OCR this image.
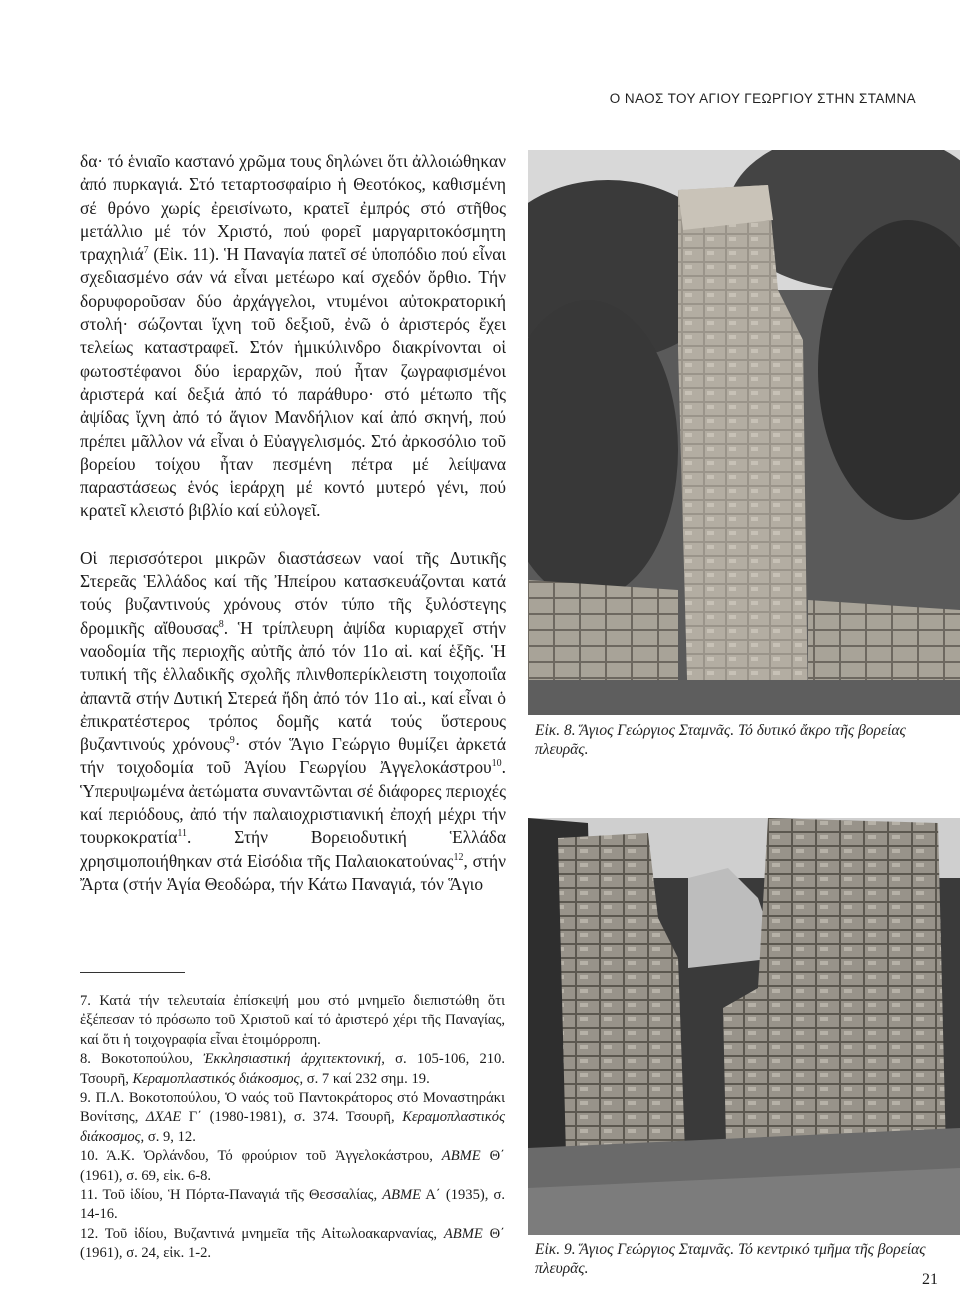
Ο ΝΑΟΣ ΤΟΥ ΑΓΙΟΥ ΓΕΩΡΓΙΟΥ ΣΤΗΝ ΣΤΑΜΝΑ

δα· τό ἑνιαῖο καστανό χρῶμα τους δηλώνει ὅτι ἀλλοιώθηκαν ἀπό πυρκαγιά. Στό τεταρτοσφαίριο ἡ Θεοτόκος, καθισμένη σέ θρόνο χωρίς ἐρεισίνωτο, κρατεῖ ἐμπρός στό στῆθος μετάλλιο μέ τόν Χριστό, πού φορεῖ μαργαριτοκόσμητη τραχηλιά$^7$ (Εἰκ. 11). Ἡ Παναγία πατεῖ σέ ὑποπόδιο πού εἶναι σχεδιασμένο σάν νά εἶναι μετέωρο καί σχεδόν ὄρθιο. Τήν δορυφοροῦσαν δύο ἀρχάγγελοι, ντυμένοι αὐτοκρατορική στολή· σώζονται ἴχνη τοῦ δεξιοῦ, ἐνῶ ὁ ἀριστερός ἔχει τελείως καταστραφεῖ. Στόν ἡμικύλινδρο διακρίνονται οἱ φωτοστέφανοι δύο ἱεραρχῶν, πού ἦταν ζωγραφισμένοι ἀριστερά καί δεξιά ἀπό τό παράθυρο· στό μέτωπο τῆς ἀψίδας ἴχνη ἀπό τό ἅγιον Μανδήλιον καί ἀπό σκηνή, πού πρέπει μᾶλλον νά εἶναι ὁ Εὐαγγελισμός. Στό ἀρκοσόλιο τοῦ βορείου τοίχου ἦταν πεσμένη πέτρα μέ λείψανα παραστάσεως ἑνός ἱεράρχη μέ κοντό μυτερό γένι, πού κρατεῖ κλειστό βιβλίο καί εὐλογεῖ.

Οἱ περισσότεροι μικρῶν διαστάσεων ναοί τῆς Δυτικῆς Στερεᾶς Ἑλλάδος καί τῆς Ἠπείρου κατασκευάζονται κατά τούς βυζαντινούς χρόνους στόν τύπο τῆς ξυλόστεγης δρομικῆς αἴθουσας$^8$. Ἡ τρίπλευρη ἀψίδα κυριαρχεῖ στήν ναοδομία τῆς περιοχῆς αὐτῆς ἀπό τόν 11ο αἰ. καί ἑξῆς. Ἡ τυπική τῆς ἑλλαδικῆς σχολῆς πλινθοπερίκλειστη τοιχοποιΐα ἀπαντᾶ στήν Δυτική Στερεά ἤδη ἀπό τόν 11ο αἰ., καί εἶναι ὁ ἐπικρατέστερος τρόπος δομῆς κατά τούς ὕστερους βυζαντινούς χρόνους$^9$· στόν Ἅγιο Γεώργιο θυμίζει ἀρκετά τήν τοιχοδομία τοῦ Ἁγίου Γεωργίου Ἀγγελοκάστρου$^{10}$. Ὑπερυψωμένα ἀετώματα συναντῶνται σέ διάφορες περιοχές καί περιόδους, ἀπό τήν παλαιοχριστιανική ἐποχή μέχρι τήν τουρκοκρατία$^{11}$. Στήν Βορειοδυτική Ἑλλάδα χρησιμοποιήθηκαν στά Εἰσόδια τῆς Παλαιοκατούνας$^{12}$, στήν Ἄρτα (στήν Ἁγία Θεοδώρα, τήν Κάτω Παναγιά, τόν Ἅγιο

Εἰκ. 8. Ἅγιος Γεώργιος Σταμνᾶς. Τό δυτικό ἄκρο τῆς βορείας πλευρᾶς.
Εἰκ. 9. Ἅγιος Γεώργιος Σταμνᾶς. Τό κεντρικό τμῆμα τῆς βορείας πλευρᾶς.

7. Κατά τήν τελευταία ἐπίσκεψή μου στό μνημεῖο διεπιστώθη ὅτι ἐξέπεσαν τό πρόσωπο τοῦ Χριστοῦ καί τό ἀριστερό χέρι τῆς Παναγίας, καί ὅτι ἡ τοιχογραφία εἶναι ἑτοιμόρροπη.

8. Βοκοτοπούλου, Ἐκκλησιαστική ἀρχιτεκτονική, σ. 105-106, 210. Τσουρῆ, Κεραμοπλαστικός διάκοσμος, σ. 7 καί 232 σημ. 19.

9. Π.Λ. Βοκοτοπούλου, Ὁ ναός τοῦ Παντοκράτορος στό Μοναστηράκι Βονίτσης, ΔΧΑΕ Γ΄ (1980-1981), σ. 374. Τσουρῆ, Κεραμοπλαστικός διάκοσμος, σ. 9, 12.

10. Ά.Κ. Ὀρλάνδου, Τό φρούριον τοῦ Ἀγγελοκάστρου, ΑΒΜΕ Θ΄ (1961), σ. 69, εἰκ. 6-8.

11. Τοῦ ἰδίου, Ἡ Πόρτα-Παναγιά τῆς Θεσσαλίας, ΑΒΜΕ Α΄ (1935), σ. 14-16.

12. Τοῦ ἰδίου, Βυζαντινά μνημεῖα τῆς Αἰτωλοακαρνανίας, ΑΒΜΕ Θ΄ (1961), σ. 24, εἰκ. 1-2.

21
